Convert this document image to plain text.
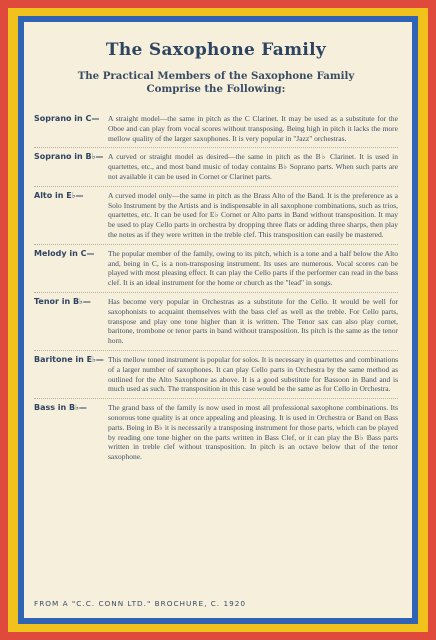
The Saxophone Family

The Practical Members of the Saxophone Family

Comprise the Following:

Soprano in C—	A straight model—the same in pitch as the C Clarinet. It may be used as a substitute for the Oboe and can play from vocal scores without transposing. Being high in pitch it lacks the more mellow quality of the larger saxophones. It is very popular in "Jazz" orchestras.
Soprano in B♭— A curved or straight model as desired—the same in pitch as the B♭ Clarinet. It is used in quartettes, etc., and most band music of today contains B♭ Soprano parts. When such parts are not available it can be used in Cornet or Clarinet parts.
Alto in E♭—	A curved model only—the same in pitch as the Brass Alto of the Band. It is the preference as a Solo Instrument by the Artists and is indispensable in all saxophone combinations, such as trios, quartettes, etc. It can be used for E♭ Cornet or Alto parts in Band without transposition. It may be used to play Cello parts in orchestra by dropping three flats or adding three sharps, then play the notes as if they were written in the treble clef. This transposition can easily be mastered.
Melody in C—	The popular member of the family, owing to its pitch, which is a tone and a half below the Alto and, being in C, is a non-transposing instrument. Its uses are numerous. Vocal scores can be played with most pleasing effect. It can play the Cello parts if the performer can read in the bass clef. It is an ideal instrument for the home or church as the "lead" in songs.
Tenor in B♭—	Has become very popular in Orchestras as a substitute for the Cello. It would be well for saxophonists to acquaint themselves with the bass clef as well as the treble. For Cello parts, transpose and play one tone higher than it is written. The Tenor sax can also play cornet, baritone, trombone or tenor parts in band without transposition. Its pitch is the same as the tenor horn.
Baritone in E♭— This mellow toned instrument is popular for solos. It is necessary in quartettes and combinations of a larger number of saxophones. It can play Cello parts in Orchestra by the same method as outlined for the Alto Saxophone as above. It is a good substitute for Bassoon in Band and is much used as such. The transposition in this case would be the same as for Cello in Orchestra.
Bass in B♭—	The grand bass of the family is now used in most all professional saxophone combinations. Its sonorous tone quality is at once appealing and pleasing. It is used in Orchestra or Band on Bass parts. Being in B♭ it is necessarily a transposing instrument for those parts, which can be played by reading one tone higher on the parts written in Bass Clef, or it can play the B♭ Bass parts written in treble clef without transposition. In pitch is an octave below that of the tenor saxophone.
FROM A "C.C. CONN LTD." BROCHURE, C. 1920
